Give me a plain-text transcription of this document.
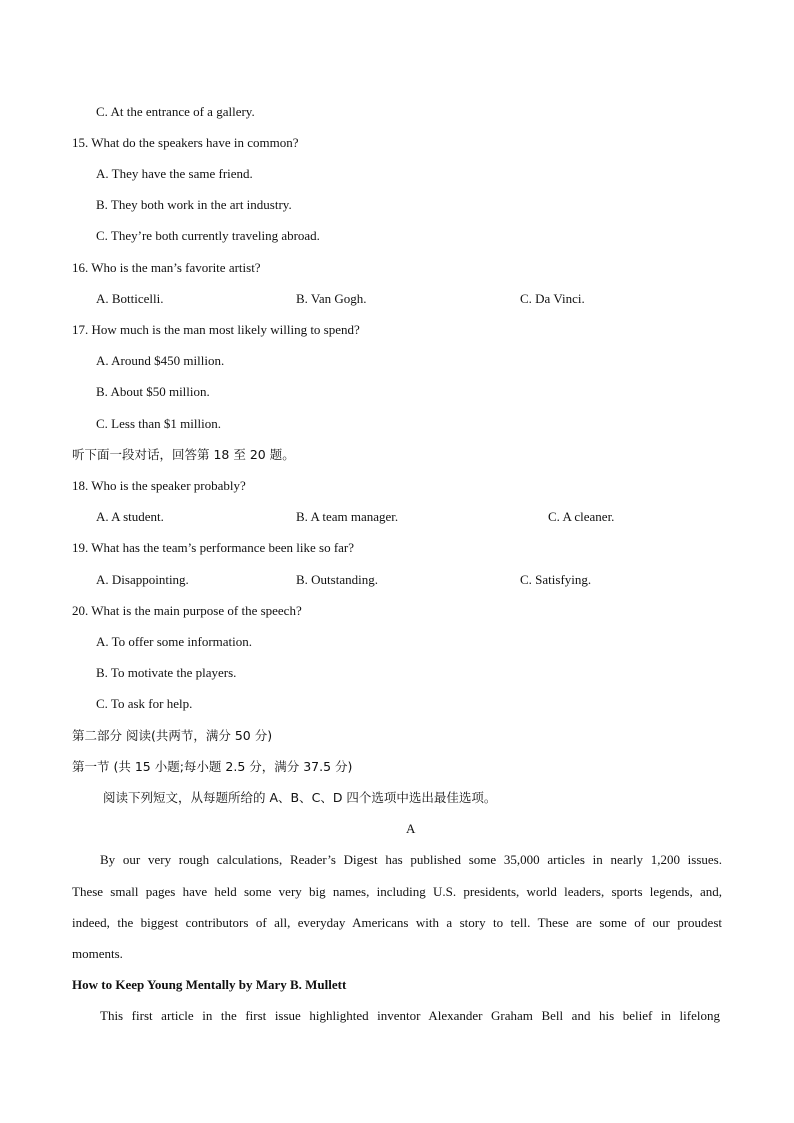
C. At the entrance of a gallery.
15. What do the speakers have in common?
A. They have the same friend.
B. They both work in the art industry.
C. They’re both currently traveling abroad.
16. Who is the man’s favorite artist?
A. Botticelli.	B. Van Gogh.	C. Da Vinci.
17. How much is the man most likely willing to spend?
A. Around $450 million.
B. About $50 million.
C. Less than $1 million.
听下面一段对话，回答第 18 至 20 题。
18. Who is the speaker probably?
A. A student.	B. A team manager.	C. A cleaner.
19. What has the team’s performance been like so far?
A. Disappointing.	B. Outstanding.	C. Satisfying.
20. What is the main purpose of the speech?
A. To offer some information.
B. To motivate the players.
C. To ask for help.
第二部分 阅读(共两节，满分 50 分)
第一节 (共 15 小题;每小题 2.5 分，满分 37.5 分)
阅读下列短文，从每题所给的 A、B、C、D 四个选项中选出最佳选项。
A
By our very rough calculations, Reader’s Digest has published some 35,000 articles in nearly 1,200 issues.
These small pages have held some very big names, including U.S. presidents, world leaders, sports legends, and,
indeed, the biggest contributors of all, everyday Americans with a story to tell. These are some of our proudest
moments.
How to Keep Young Mentally by Mary B. Mullett
This first article in the first issue highlighted inventor Alexander Graham Bell and his belief in lifelong
